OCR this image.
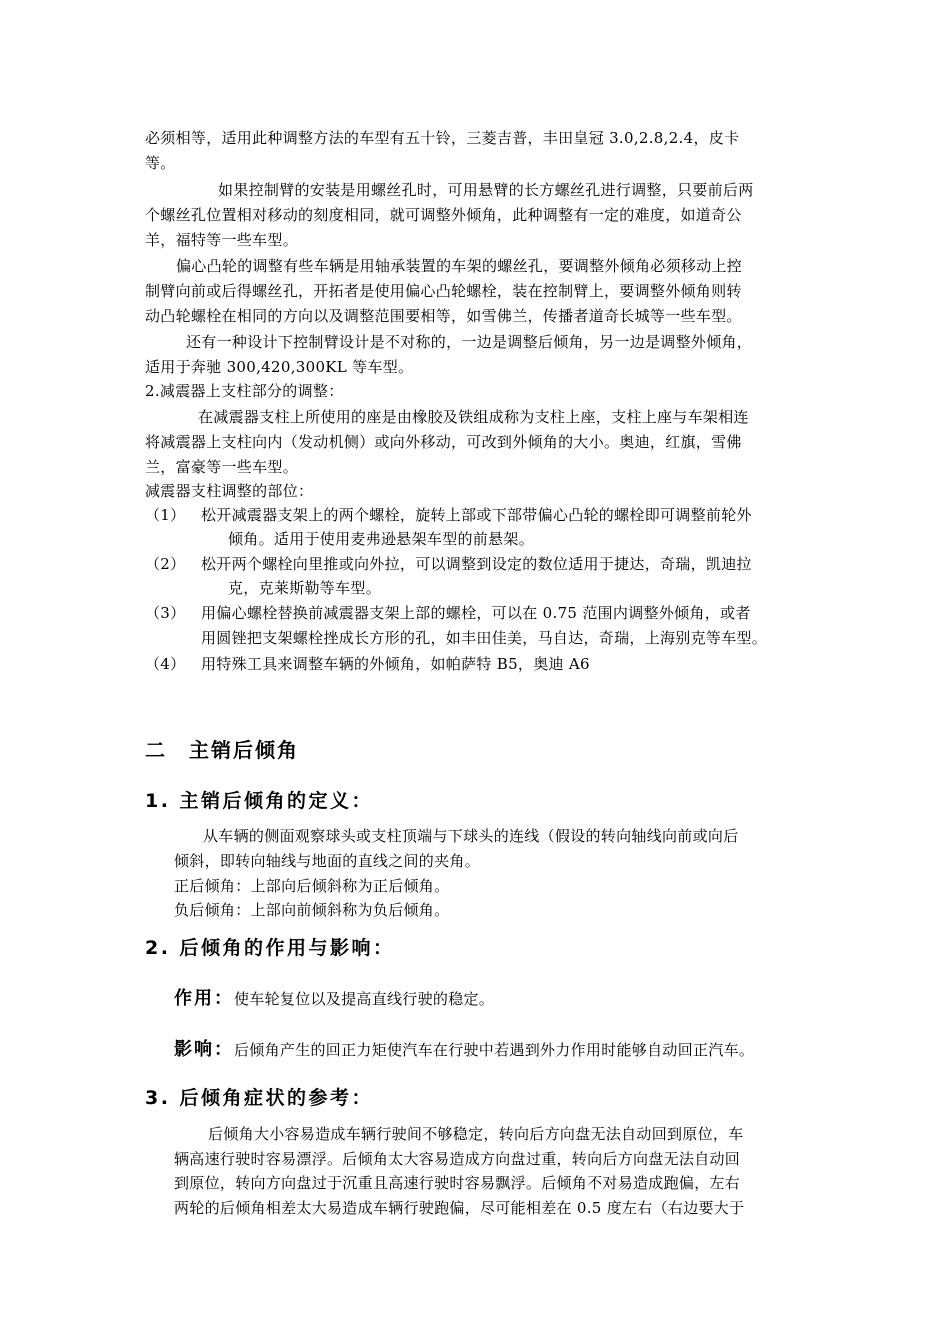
必须相等，适用此种调整方法的车型有五十铃，三菱吉普，丰田皇冠 3.0,2.8,2.4，皮卡
等。
如果控制臂的安装是用螺丝孔时，可用悬臂的长方螺丝孔进行调整，只要前后两
个螺丝孔位置相对移动的刻度相同，就可调整外倾角，此种调整有一定的难度，如道奇公
羊，福特等一些车型。
偏心凸轮的调整有些车辆是用轴承装置的车架的螺丝孔，要调整外倾角必须移动上控
制臂向前或后得螺丝孔，开拓者是使用偏心凸轮螺栓，装在控制臂上，要调整外倾角则转
动凸轮螺栓在相同的方向以及调整范围要相等，如雪佛兰，传播者道奇长城等一些车型。
还有一种设计下控制臂设计是不对称的，一边是调整后倾角，另一边是调整外倾角，
适用于奔驰 300,420,300KL 等车型。
2.减震器上支柱部分的调整：
在减震器支柱上所使用的座是由橡胶及铁组成称为支柱上座，支柱上座与车架相连
将减震器上支柱向内（发动机侧）或向外移动，可改到外倾角的大小。奥迪，红旗，雪佛
兰，富豪等一些车型。
减震器支柱调整的部位：
（1） 松开减震器支架上的两个螺栓，旋转上部或下部带偏心凸轮的螺栓即可调整前轮外
倾角。适用于使用麦弗逊悬架车型的前悬架。
（2） 松开两个螺栓向里推或向外拉，可以调整到设定的数位适用于捷达，奇瑞，凯迪拉
克，克莱斯勒等车型。
（3） 用偏心螺栓替换前减震器支架上部的螺栓，可以在 0.75 范围内调整外倾角，或者
用圆锉把支架螺栓挫成长方形的孔，如丰田佳美，马自达，奇瑞，上海别克等车型。
（4） 用特殊工具来调整车辆的外倾角，如帕萨特 B5，奥迪 A6
二　主销后倾角
1. 主销后倾角的定义：
从车辆的侧面观察球头或支柱顶端与下球头的连线（假设的转向轴线向前或向后
倾斜，即转向轴线与地面的直线之间的夹角。
正后倾角：上部向后倾斜称为正后倾角。
负后倾角：上部向前倾斜称为负后倾角。
2. 后倾角的作用与影响：
作用：使车轮复位以及提高直线行驶的稳定。
影响：后倾角产生的回正力矩使汽车在行驶中若遇到外力作用时能够自动回正汽车。
3. 后倾角症状的参考：
后倾角大小容易造成车辆行驶间不够稳定，转向后方向盘无法自动回到原位，车
辆高速行驶时容易漂浮。后倾角太大容易造成方向盘过重，转向后方向盘无法自动回
到原位，转向方向盘过于沉重且高速行驶时容易飘浮。后倾角不对易造成跑偏，左右
两轮的后倾角相差太大易造成车辆行驶跑偏，尽可能相差在 0.5 度左右（右边要大于
